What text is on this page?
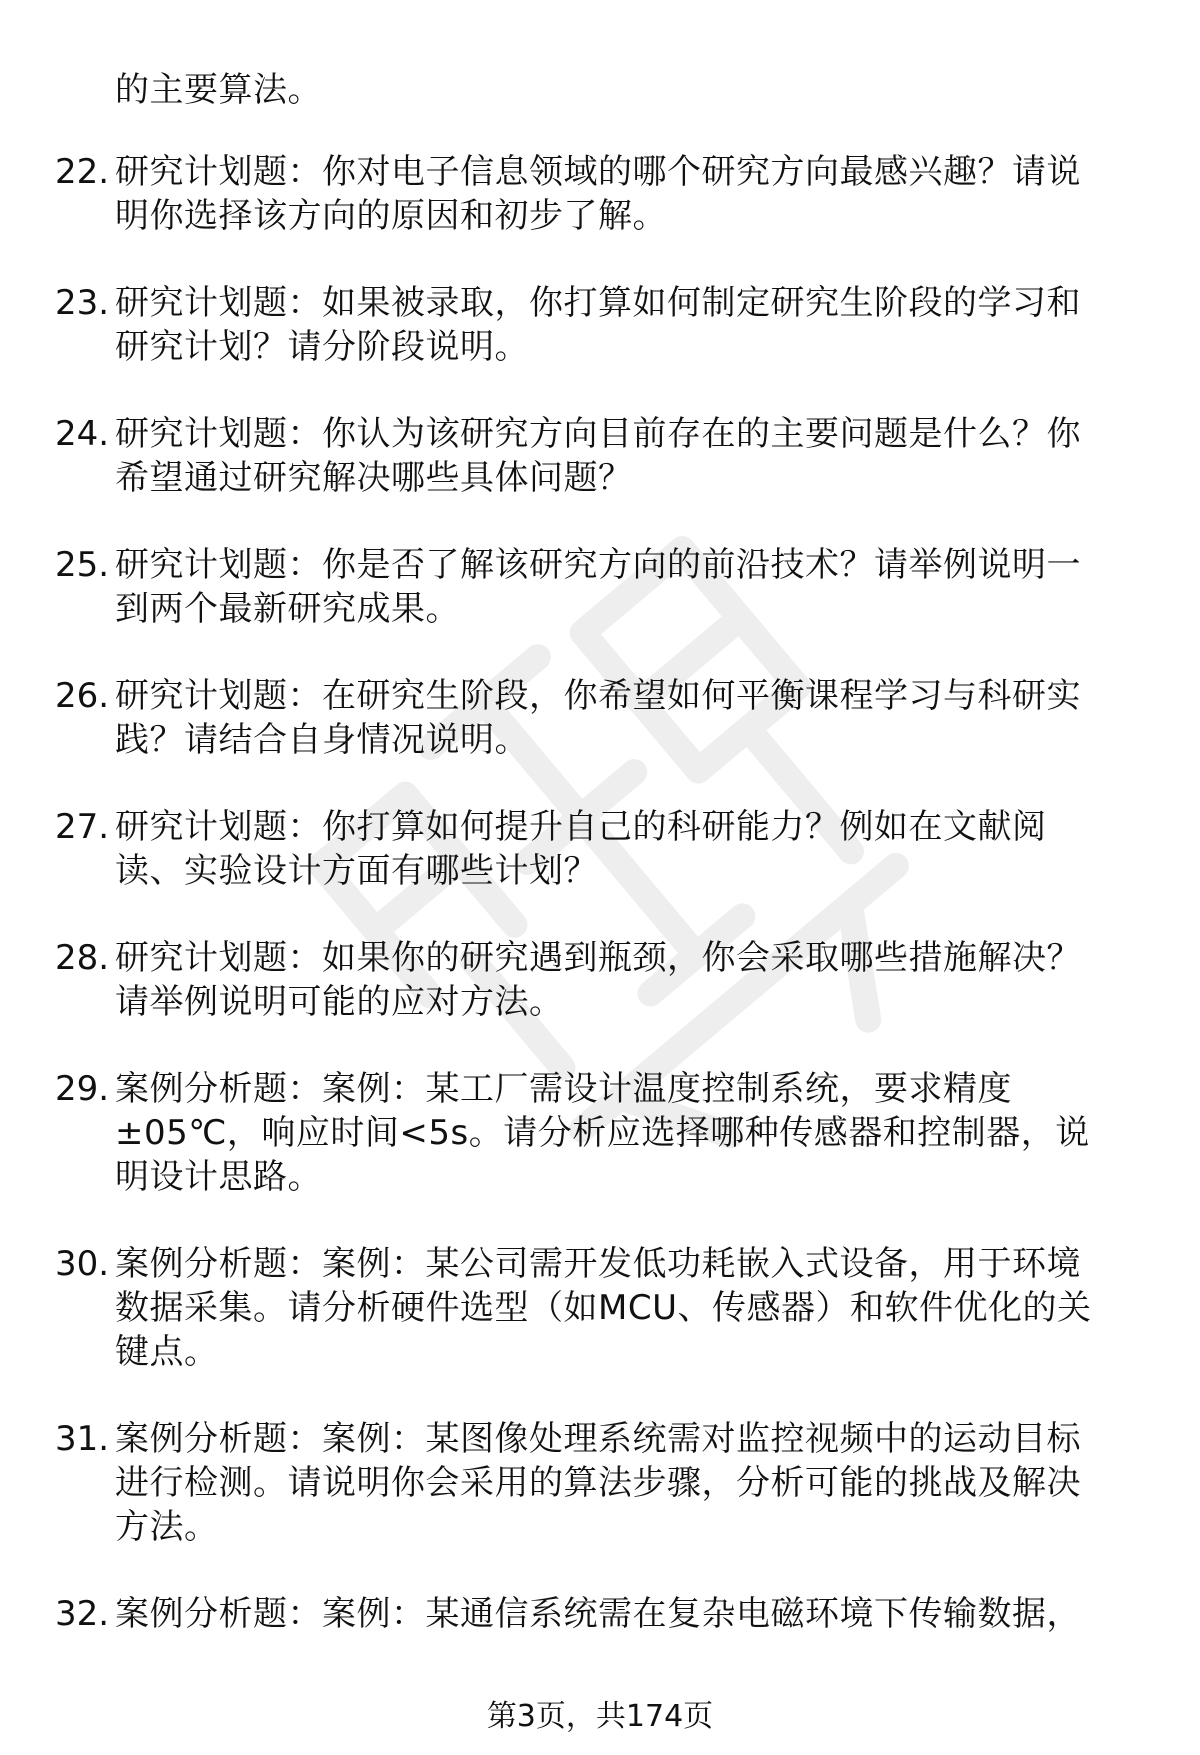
的主要算法。
22. 研究计划题：你对电子信息领域的哪个研究方向最感兴趣？请说
明你选择该方向的原因和初步了解。
23. 研究计划题：如果被录取，你打算如何制定研究生阶段的学习和
研究计划？请分阶段说明。
24. 研究计划题：你认为该研究方向目前存在的主要问题是什么？你
希望通过研究解决哪些具体问题？
25. 研究计划题：你是否了解该研究方向的前沿技术？请举例说明一
到两个最新研究成果。
26. 研究计划题：在研究生阶段，你希望如何平衡课程学习与科研实
践？请结合自身情况说明。
27. 研究计划题：你打算如何提升自己的科研能力？例如在文献阅
读、实验设计方面有哪些计划？
28. 研究计划题：如果你的研究遇到瓶颈，你会采取哪些措施解决？
请举例说明可能的应对方法。
29. 案例分析题：案例：某工厂需设计温度控制系统，要求精度
±05℃，响应时间<5s。请分析应选择哪种传感器和控制器，说
明设计思路。
30. 案例分析题：案例：某公司需开发低功耗嵌入式设备，用于环境
数据采集。请分析硬件选型（如MCU、传感器）和软件优化的关
键点。
31. 案例分析题：案例：某图像处理系统需对监控视频中的运动目标
进行检测。请说明你会采用的算法步骤，分析可能的挑战及解决
方法。
32. 案例分析题：案例：某通信系统需在复杂电磁环境下传输数据，
第3页，共174页
